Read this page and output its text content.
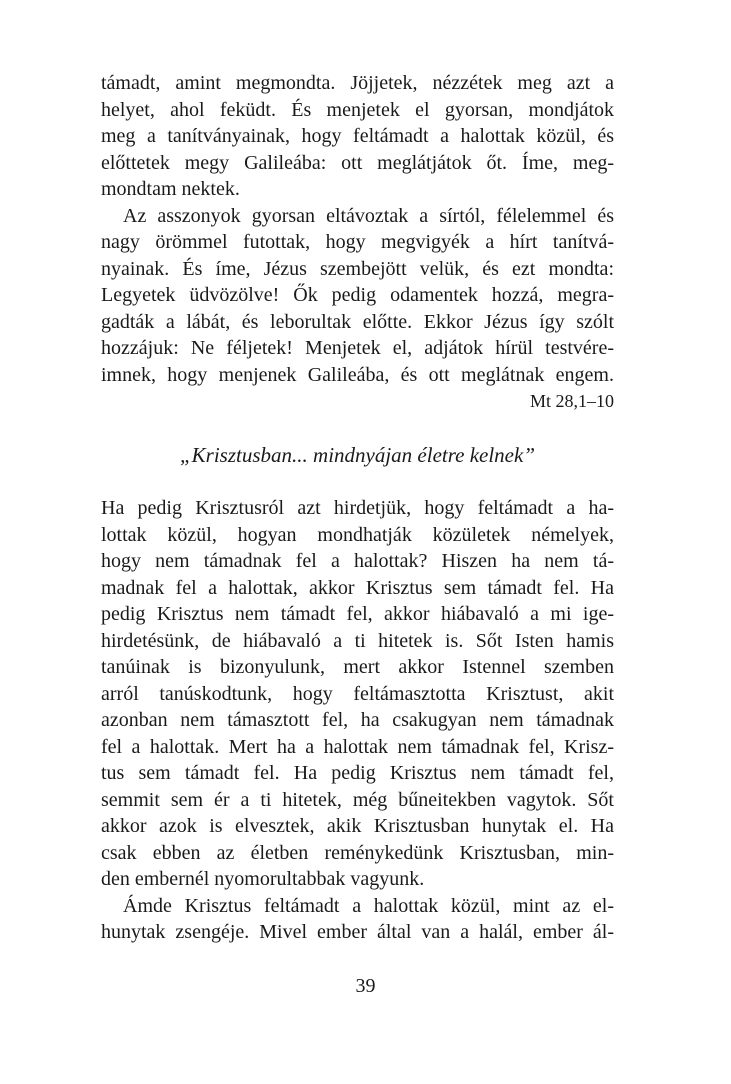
támadt, amint megmondta. Jöjjetek, nézzétek meg azt a
helyet, ahol feküdt. És menjetek el gyorsan, mondjátok
meg a tanítványainak, hogy feltámadt a halottak közül, és
előttetek megy Galileába: ott meglátjátok őt. Íme, meg-
mondtam nektek.
Az asszonyok gyorsan eltávoztak a sírtól, félelemmel és
nagy örömmel futottak, hogy megvigyék a hírt tanítvá-
nyainak. És íme, Jézus szembejött velük, és ezt mondta:
Legyetek üdvözölve! Ők pedig odamentek hozzá, megra-
gadták a lábát, és leborultak előtte. Ekkor Jézus így szólt
hozzájuk: Ne féljetek! Menjetek el, adjátok hírül testvére-
imnek, hogy menjenek Galileába, és ott meglátnak engem.
Mt 28,1–10
„Krisztusban... mindnyájan életre kelnek”
Ha pedig Krisztusról azt hirdetjük, hogy feltámadt a ha-
lottak közül, hogyan mondhatják közületek némelyek,
hogy nem támadnak fel a halottak? Hiszen ha nem tá-
madnak fel a halottak, akkor Krisztus sem támadt fel. Ha
pedig Krisztus nem támadt fel, akkor hiábavaló a mi ige-
hirdetésünk, de hiábavaló a ti hitetek is. Sőt Isten hamis
tanúinak is bizonyulunk, mert akkor Istennel szemben
arról tanúskodtunk, hogy feltámasztotta Krisztust, akit
azonban nem támasztott fel, ha csakugyan nem támadnak
fel a halottak. Mert ha a halottak nem támadnak fel, Krisz-
tus sem támadt fel. Ha pedig Krisztus nem támadt fel,
semmit sem ér a ti hitetek, még bűneitekben vagytok. Sőt
akkor azok is elvesztek, akik Krisztusban hunytak el. Ha
csak ebben az életben reménykedünk Krisztusban, min-
den embernél nyomorultabbak vagyunk.
Ámde Krisztus feltámadt a halottak közül, mint az el-
hunytak zsengéje. Mivel ember által van a halál, ember ál-
39
